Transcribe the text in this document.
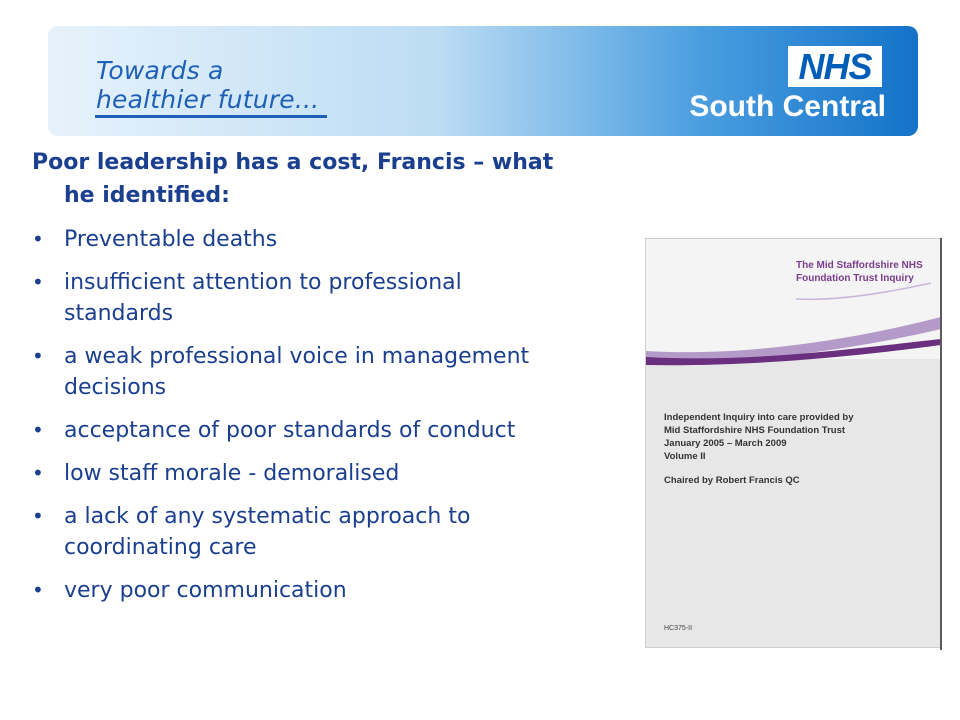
Towards a
healthier future...
NHS
South Central
Poor leadership has a cost, Francis – what he identified:
• Preventable deaths
• insufficient attention to professional standards
• a weak professional voice in management decisions
• acceptance of poor standards of conduct
• low staff morale - demoralised
• a lack of any systematic approach to coordinating care
• very poor communication
The Mid Staffordshire NHS Foundation Trust Inquiry
Independent Inquiry into care provided by
Mid Staffordshire NHS Foundation Trust
January 2005 – March 2009
Volume II
Chaired by Robert Francis QC
HC375-II
